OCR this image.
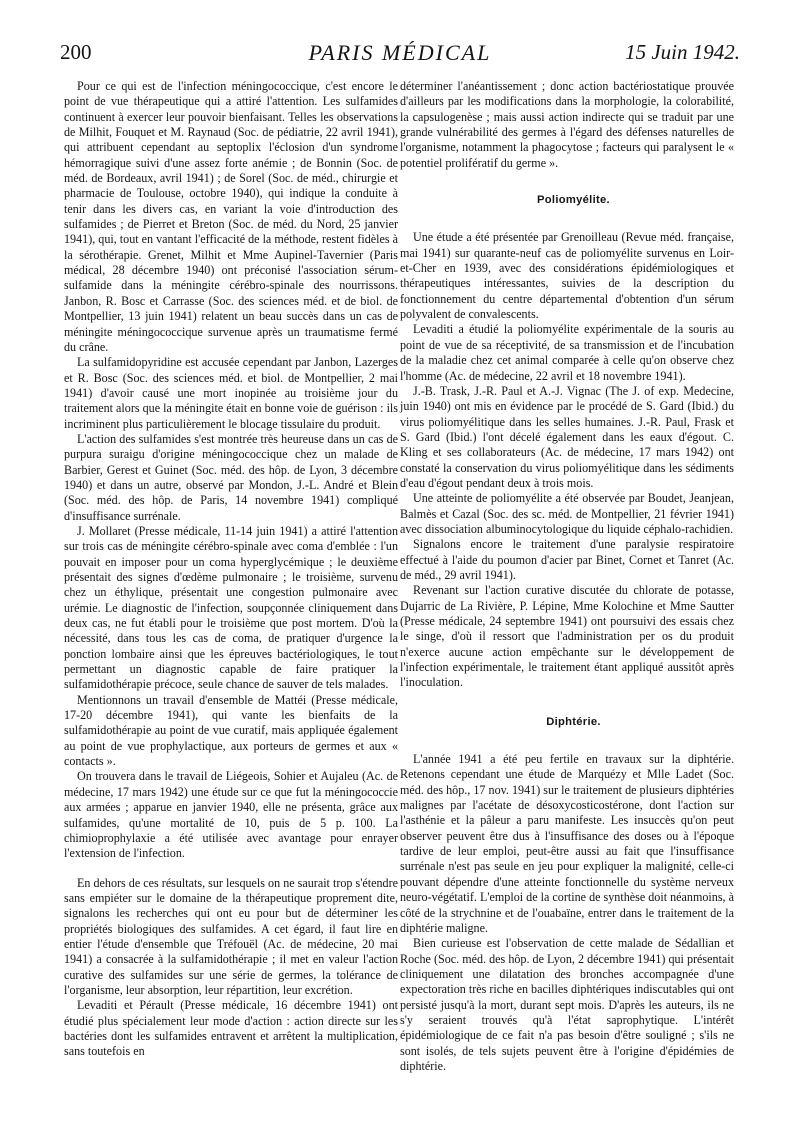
200	PARIS MÉDICAL	15 Juin 1942.

Pour ce qui est de l'infection méningococcique, c'est encore le point de vue thérapeutique qui a attiré l'attention. Les sulfamides continuent à exercer leur pouvoir bienfaisant. Telles les observations de Milhit, Fouquet et M. Raynaud (Soc. de pédiatrie, 22 avril 1941), qui attribuent cependant au septoplix l'éclosion d'un syndrome hémorragique suivi d'une assez forte anémie ; de Bonnin (Soc. de méd. de Bordeaux, avril 1941) ; de Sorel (Soc. de méd., chirurgie et pharmacie de Toulouse, octobre 1940), qui indique la conduite à tenir dans les divers cas, en variant la voie d'introduction des sulfamides ; de Pierret et Breton (Soc. de méd. du Nord, 25 janvier 1941), qui, tout en vantant l'efficacité de la méthode, restent fidèles à la sérothérapie. Grenet, Milhit et Mme Aupinel-Tavernier (Paris médical, 28 décembre 1940) ont préconisé l'association sérum-sulfamide dans la méningite cérébro-spinale des nourrissons. Janbon, R. Bosc et Carrasse (Soc. des sciences méd. et de biol. de Montpellier, 13 juin 1941) relatent un beau succès dans un cas de méningite méningococcique survenue après un traumatisme fermé du crâne.

La sulfamidopyridine est accusée cependant par Janbon, Lazerges et R. Bosc (Soc. des sciences méd. et biol. de Montpellier, 2 mai 1941) d'avoir causé une mort inopinée au troisième jour du traitement alors que la méningite était en bonne voie de guérison : ils incriminent plus particulièrement le blocage tissulaire du produit.

L'action des sulfamides s'est montrée très heureuse dans un cas de purpura suraigu d'origine méningococcique chez un malade de Barbier, Gerest et Guinet (Soc. méd. des hôp. de Lyon, 3 décembre 1940) et dans un autre, observé par Mondon, J.-L. André et Blein (Soc. méd. des hôp. de Paris, 14 novembre 1941) compliqué d'insuffisance surrénale.

J. Mollaret (Presse médicale, 11-14 juin 1941) a attiré l'attention sur trois cas de méningite cérébro-spinale avec coma d'emblée : l'un pouvait en imposer pour un coma hyperglycémique ; le deuxième présentait des signes d'œdème pulmonaire ; le troisième, survenu chez un éthylique, présentait une congestion pulmonaire avec urémie. Le diagnostic de l'infection, soupçonnée cliniquement dans deux cas, ne fut établi pour le troisième que post mortem. D'où la nécessité, dans tous les cas de coma, de pratiquer d'urgence la ponction lombaire ainsi que les épreuves bactériologiques, le tout permettant un diagnostic capable de faire pratiquer la sulfamidothérapie précoce, seule chance de sauver de tels malades.

Mentionnons un travail d'ensemble de Mattéi (Presse médicale, 17-20 décembre 1941), qui vante les bienfaits de la sulfamidothérapie au point de vue curatif, mais appliquée également au point de vue prophylactique, aux porteurs de germes et aux « contacts ».

On trouvera dans le travail de Liégeois, Sohier et Aujaleu (Ac. de médecine, 17 mars 1942) une étude sur ce que fut la méningococcie aux armées ; apparue en janvier 1940, elle ne présenta, grâce aux sulfamides, qu'une mortalité de 10, puis de 5 p. 100. La chimioprophylaxie a été utilisée avec avantage pour enrayer l'extension de l'infection.

En dehors de ces résultats, sur lesquels on ne saurait trop s'étendre sans empiéter sur le domaine de la thérapeutique proprement dite, signalons les recherches qui ont eu pour but de déterminer les propriétés biologiques des sulfamides. A cet égard, il faut lire en entier l'étude d'ensemble que Tréfouël (Ac. de médecine, 20 mai 1941) a consacrée à la sulfamidothérapie ; il met en valeur l'action curative des sulfamides sur une série de germes, la tolérance de l'organisme, leur absorption, leur répartition, leur excrétion.

Levaditi et Pérault (Presse médicale, 16 décembre 1941) ont étudié plus spécialement leur mode d'action : action directe sur les bactéries dont les sulfamides entravent et arrêtent la multiplication, sans toutefois en

déterminer l'anéantissement ; donc action bactériostatique prouvée d'ailleurs par les modifications dans la morphologie, la colorabilité, la capsulogenèse ; mais aussi action indirecte qui se traduit par une grande vulnérabilité des germes à l'égard des défenses naturelles de l'organisme, notamment la phagocytose ; facteurs qui paralysent le « potentiel prolifératif du germe ».

Poliomyélite.

Une étude a été présentée par Grenoilleau (Revue méd. française, mai 1941) sur quarante-neuf cas de poliomyélite survenus en Loir-et-Cher en 1939, avec des considérations épidémiologiques et thérapeutiques intéressantes, suivies de la description du fonctionnement du centre départemental d'obtention d'un sérum polyvalent de convalescents.

Levaditi a étudié la poliomyélite expérimentale de la souris au point de vue de sa réceptivité, de sa transmission et de l'incubation de la maladie chez cet animal comparée à celle qu'on observe chez l'homme (Ac. de médecine, 22 avril et 18 novembre 1941).

J.-B. Trask, J.-R. Paul et A.-J. Vignac (The J. of exp. Medecine, juin 1940) ont mis en évidence par le procédé de S. Gard (Ibid.) du virus poliomyélitique dans les selles humaines. J.-R. Paul, Frask et S. Gard (Ibid.) l'ont décelé également dans les eaux d'égout. C. Kling et ses collaborateurs (Ac. de médecine, 17 mars 1942) ont constaté la conservation du virus poliomyélitique dans les sédiments d'eau d'égout pendant deux à trois mois.

Une atteinte de poliomyélite a été observée par Boudet, Jeanjean, Balmès et Cazal (Soc. des sc. méd. de Montpellier, 21 février 1941) avec dissociation albuminocytologique du liquide céphalo-rachidien.

Signalons encore le traitement d'une paralysie respiratoire effectué à l'aide du poumon d'acier par Binet, Cornet et Tanret (Ac. de méd., 29 avril 1941).

Revenant sur l'action curative discutée du chlorate de potasse, Dujarric de La Rivière, P. Lépine, Mme Kolochine et Mme Sautter (Presse médicale, 24 septembre 1941) ont poursuivi des essais chez le singe, d'où il ressort que l'administration per os du produit n'exerce aucune action empêchante sur le développement de l'infection expérimentale, le traitement étant appliqué aussitôt après l'inoculation.

Diphtérie.

L'année 1941 a été peu fertile en travaux sur la diphtérie. Retenons cependant une étude de Marquézy et Mlle Ladet (Soc. méd. des hôp., 17 nov. 1941) sur le traitement de plusieurs diphtéries malignes par l'acétate de désoxycosticostérone, dont l'action sur l'asthénie et la pâleur a paru manifeste. Les insuccès qu'on peut observer peuvent être dus à l'insuffisance des doses ou à l'époque tardive de leur emploi, peut-être aussi au fait que l'insuffisance surrénale n'est pas seule en jeu pour expliquer la malignité, celle-ci pouvant dépendre d'une atteinte fonctionnelle du système nerveux neuro-végétatif. L'emploi de la cortine de synthèse doit néanmoins, à côté de la strychnine et de l'ouabaïne, entrer dans le traitement de la diphtérie maligne.

Bien curieuse est l'observation de cette malade de Sédallian et Roche (Soc. méd. des hôp. de Lyon, 2 décembre 1941) qui présentait cliniquement une dilatation des bronches accompagnée d'une expectoration très riche en bacilles diphtériques indiscutables qui ont persisté jusqu'à la mort, durant sept mois. D'après les auteurs, ils ne s'y seraient trouvés qu'à l'état saprophytique. L'intérêt épidémiologique de ce fait n'a pas besoin d'être souligné ; s'ils ne sont isolés, de tels sujets peuvent être à l'origine d'épidémies de diphtérie.
